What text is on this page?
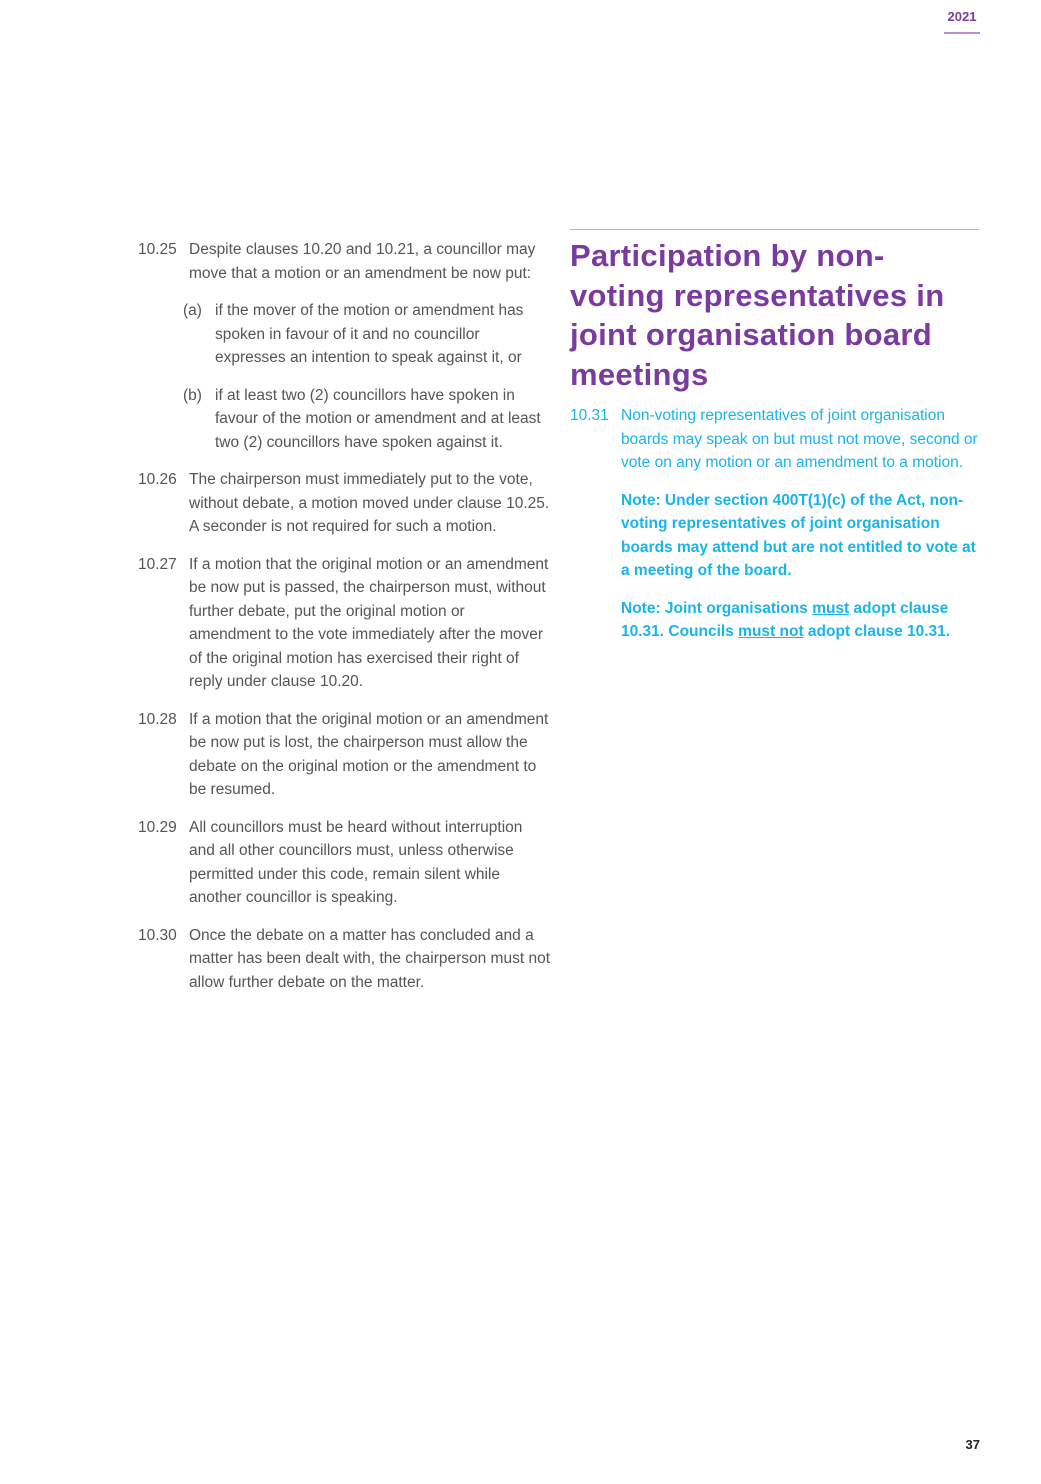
2021
10.25 Despite clauses 10.20 and 10.21, a councillor may move that a motion or an amendment be now put:
(a) if the mover of the motion or amendment has spoken in favour of it and no councillor expresses an intention to speak against it, or
(b) if at least two (2) councillors have spoken in favour of the motion or amendment and at least two (2) councillors have spoken against it.
10.26 The chairperson must immediately put to the vote, without debate, a motion moved under clause 10.25. A seconder is not required for such a motion.
10.27 If a motion that the original motion or an amendment be now put is passed, the chairperson must, without further debate, put the original motion or amendment to the vote immediately after the mover of the original motion has exercised their right of reply under clause 10.20.
10.28 If a motion that the original motion or an amendment be now put is lost, the chairperson must allow the debate on the original motion or the amendment to be resumed.
10.29 All councillors must be heard without interruption and all other councillors must, unless otherwise permitted under this code, remain silent while another councillor is speaking.
10.30 Once the debate on a matter has concluded and a matter has been dealt with, the chairperson must not allow further debate on the matter.
Participation by non-voting representatives in joint organisation board meetings
10.31 Non-voting representatives of joint organisation boards may speak on but must not move, second or vote on any motion or an amendment to a motion.

Note: Under section 400T(1)(c) of the Act, non-voting representatives of joint organisation boards may attend but are not entitled to vote at a meeting of the board.

Note: Joint organisations must adopt clause 10.31. Councils must not adopt clause 10.31.

37
